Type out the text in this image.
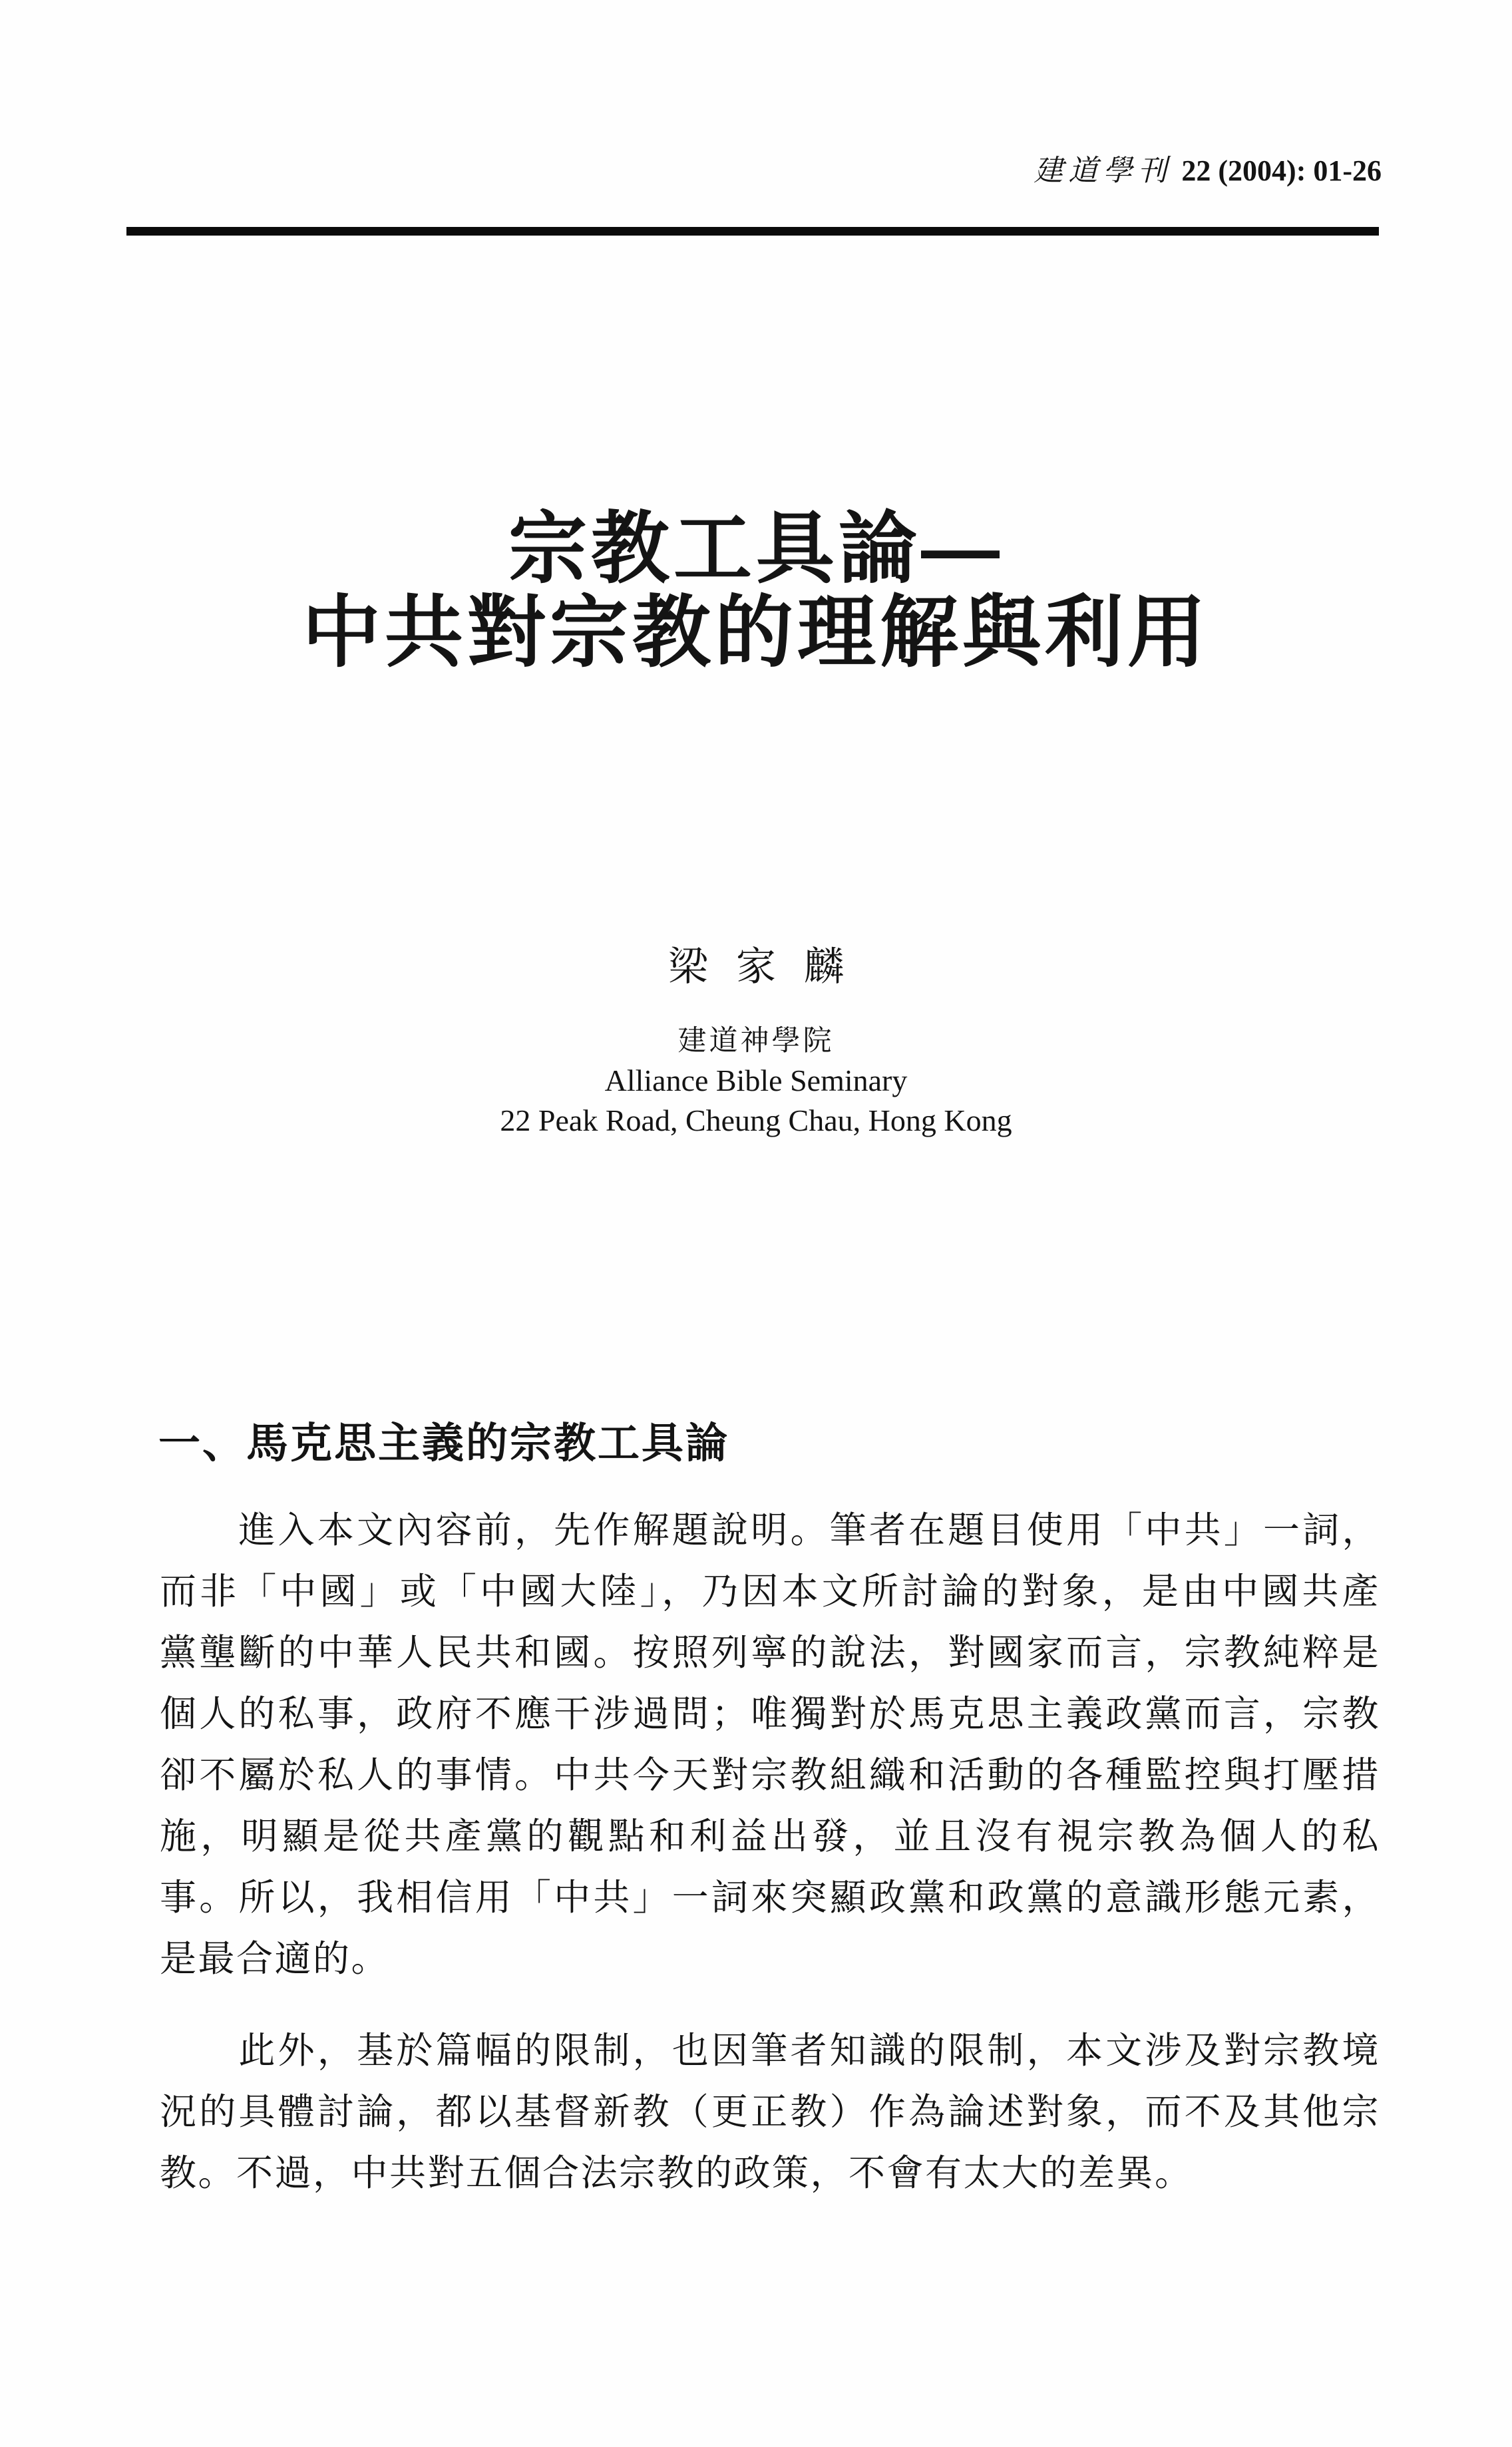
建道學刊 22 (2004): 01-26
宗教工具論—
中共對宗教的理解與利用
梁家麟
建道神學院
Alliance Bible Seminary
22 Peak Road, Cheung Chau, Hong Kong
一、馬克思主義的宗教工具論
　　進入本文內容前，先作解題說明。筆者在題目使用「中共」一詞，
而非「中國」或「中國大陸」，乃因本文所討論的對象，是由中國共產
黨壟斷的中華人民共和國。按照列寧的說法，對國家而言，宗教純粹是
個人的私事，政府不應干涉過問；唯獨對於馬克思主義政黨而言，宗教
卻不屬於私人的事情。中共今天對宗教組織和活動的各種監控與打壓措
施，明顯是從共產黨的觀點和利益出發，並且沒有視宗教為個人的私
事。所以，我相信用「中共」一詞來突顯政黨和政黨的意識形態元素，
是最合適的。
　　此外，基於篇幅的限制，也因筆者知識的限制，本文涉及對宗教境
況的具體討論，都以基督新教（更正教）作為論述對象，而不及其他宗
教。不過，中共對五個合法宗教的政策，不會有太大的差異。
